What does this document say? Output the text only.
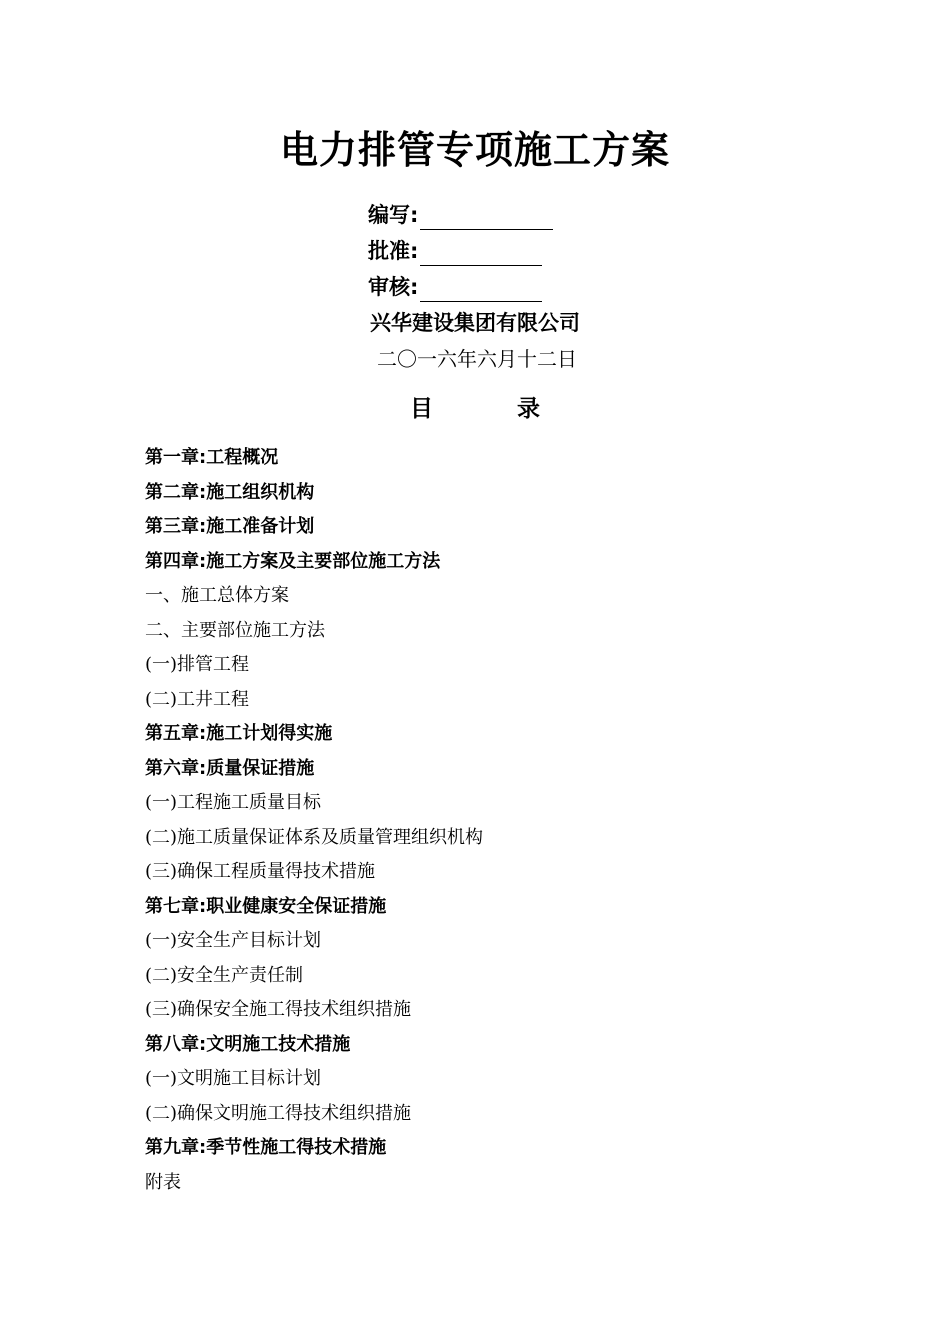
电力排管专项施工方案
编写:
批准:
审核:
兴华建设集团有限公司
二〇一六年六月十二日
目	录
第一章:工程概况
第二章:施工组织机构
第三章:施工准备计划
第四章:施工方案及主要部位施工方法
一、施工总体方案
二、主要部位施工方法
(一)排管工程
(二)工井工程
第五章:施工计划得实施
第六章:质量保证措施
(一)工程施工质量目标
(二)施工质量保证体系及质量管理组织机构
(三)确保工程质量得技术措施
第七章:职业健康安全保证措施
(一)安全生产目标计划
(二)安全生产责任制
(三)确保安全施工得技术组织措施
第八章:文明施工技术措施
(一)文明施工目标计划
(二)确保文明施工得技术组织措施
第九章:季节性施工得技术措施
附表
